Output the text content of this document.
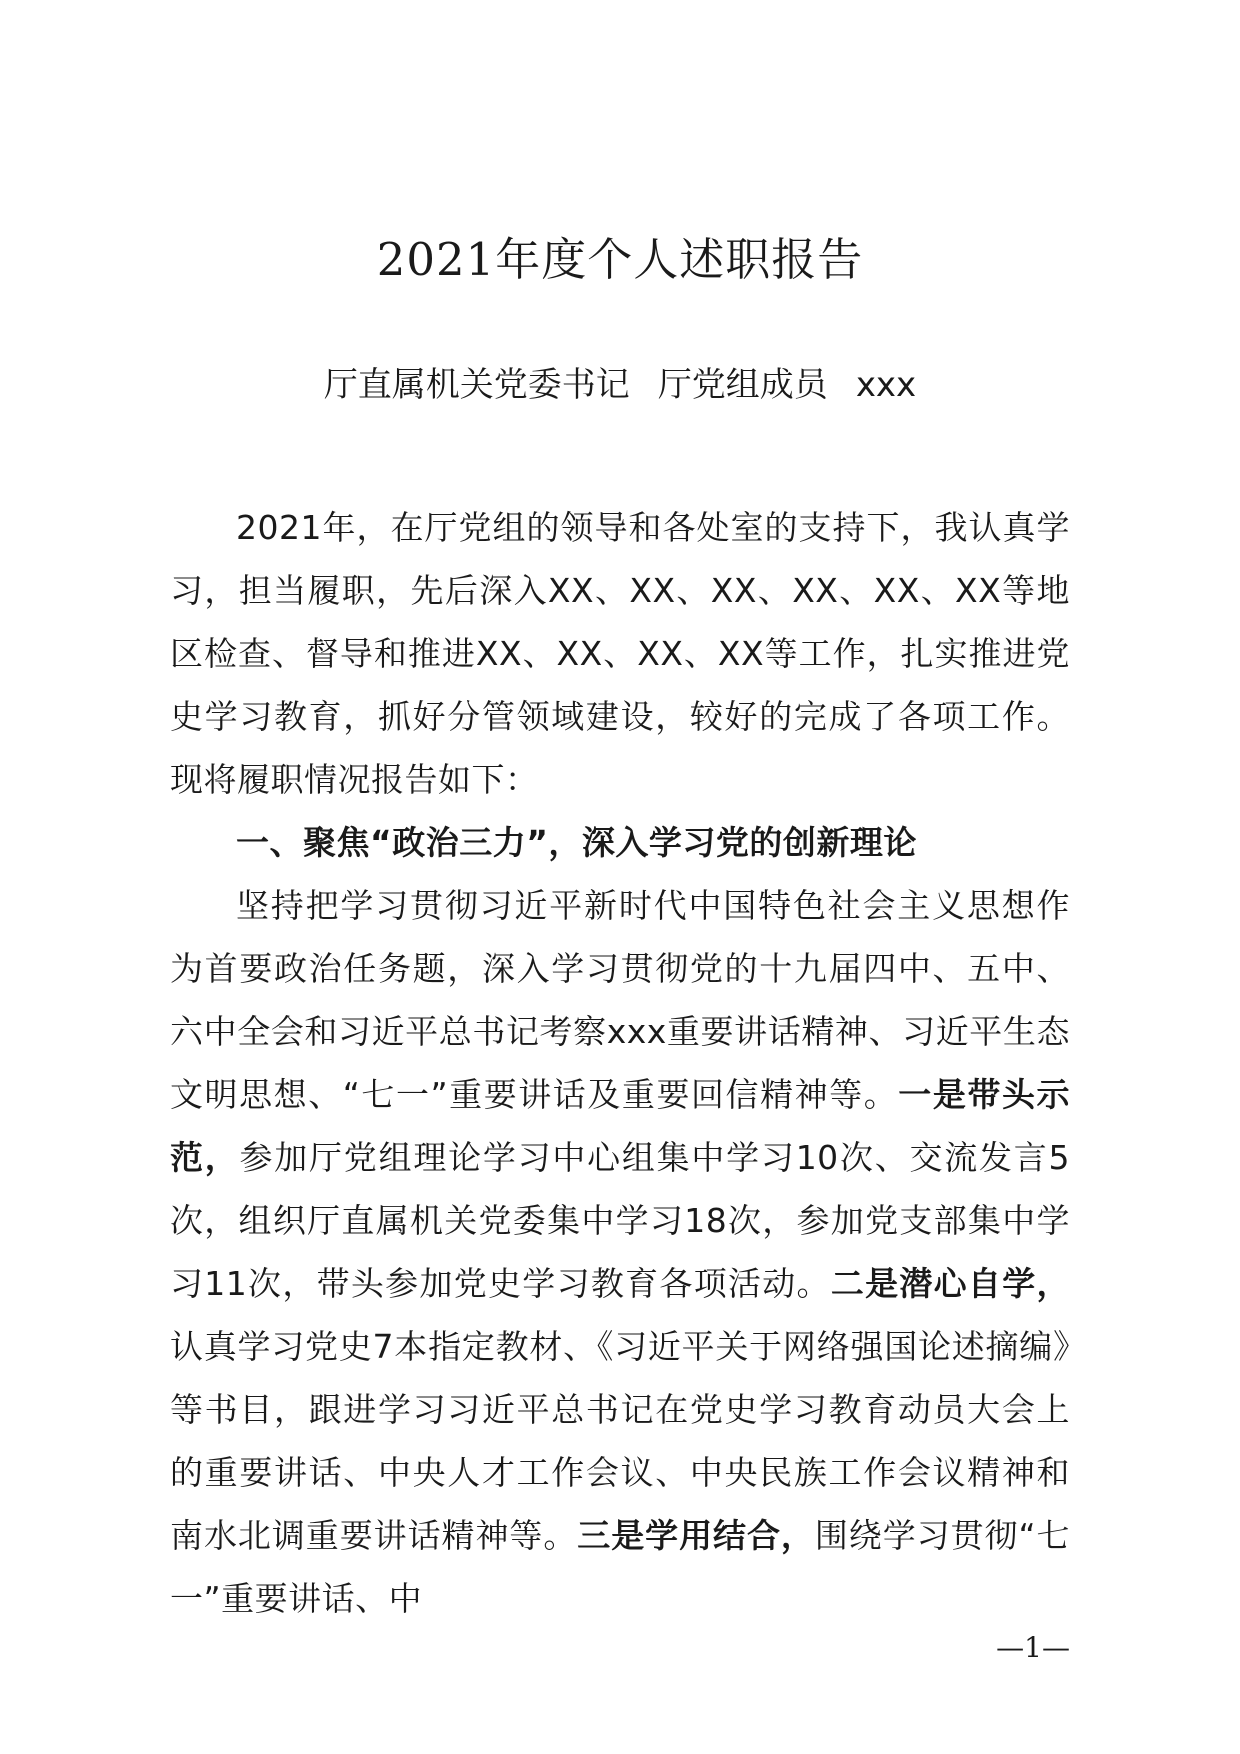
2021年度个人述职报告

厅直属机关党委书记 厅党组成员 xxx

2021年，在厅党组的领导和各处室的支持下，我认真学习，担当履职，先后深入XX、XX、XX、XX、XX、XX等地区检查、督导和推进XX、XX、XX、XX等工作，扎实推进党史学习教育，抓好分管领域建设，较好的完成了各项工作。现将履职情况报告如下：

一、聚焦“政治三力”，深入学习党的创新理论

坚持把学习贯彻习近平新时代中国特色社会主义思想作为首要政治任务题，深入学习贯彻党的十九届四中、五中、六中全会和习近平总书记考察xxx重要讲话精神、习近平生态文明思想、“七一”重要讲话及重要回信精神等。一是带头示范，参加厅党组理论学习中心组集中学习10次、交流发言5次，组织厅直属机关党委集中学习18次，参加党支部集中学习11次，带头参加党史学习教育各项活动。二是潜心自学，认真学习党史7本指定教材、《习近平关于网络强国论述摘编》等书目，跟进学习习近平总书记在党史学习教育动员大会上的重要讲话、中央人才工作会议、中央民族工作会议精神和南水北调重要讲话精神等。三是学用结合，围绕学习贯彻“七一”重要讲话、中

—1—
